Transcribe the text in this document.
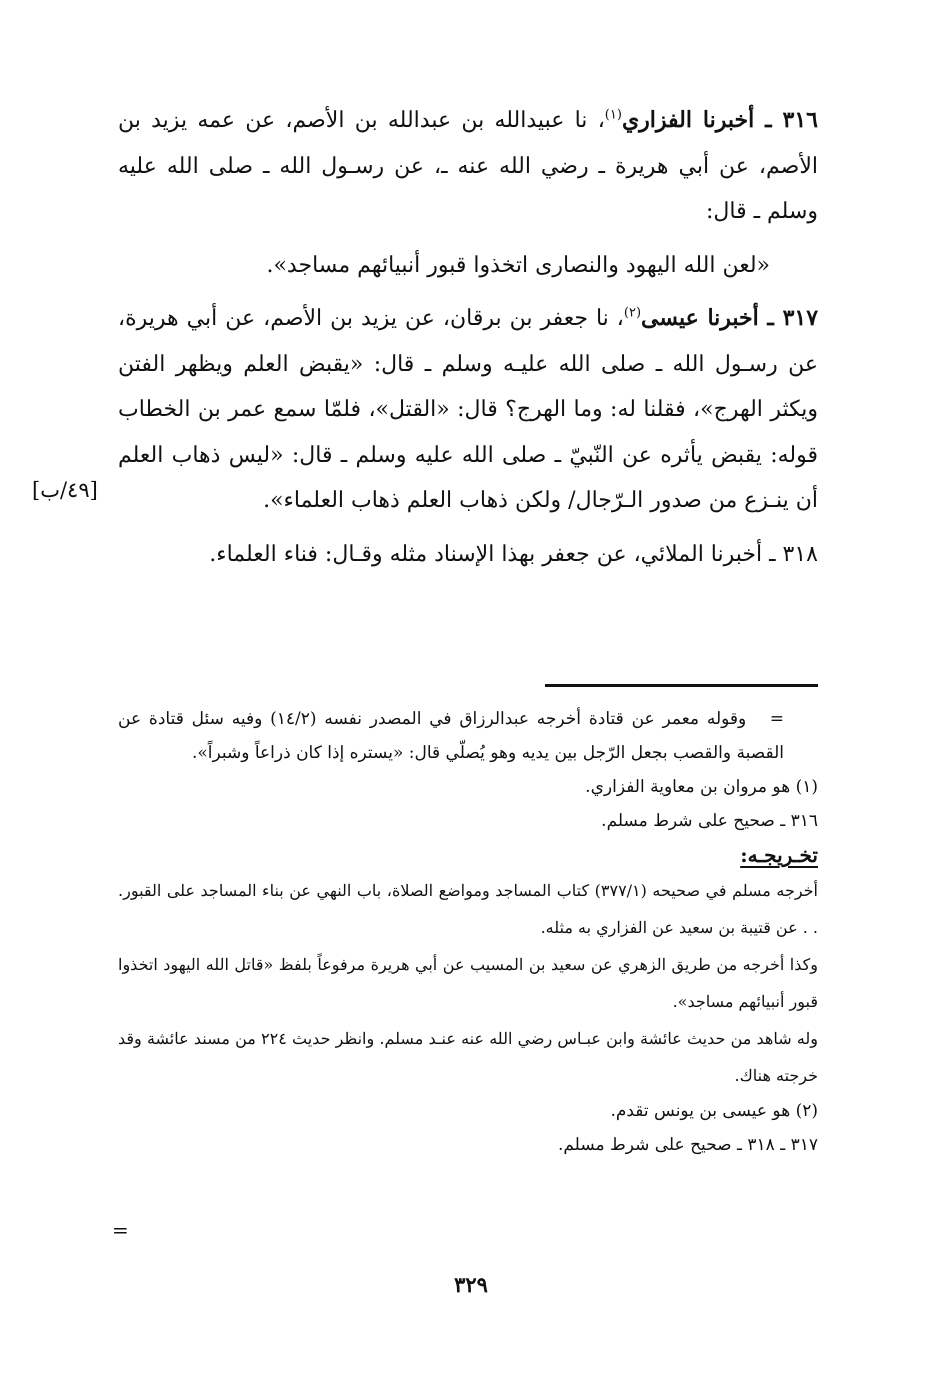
٣١٦ ـ أخبرنا الفزاري$^{(١)}$، نا عبيدالله بن عبدالله بن الأصم، عن عمه يزيد بن الأصم، عن أبي هريرة ـ رضي الله عنه ـ، عن رسـول الله ـ صلى الله عليه وسلم ـ قال:

«لعن الله اليهود والنصارى اتخذوا قبور أنبيائهم مساجد».

٣١٧ ـ أخبرنا عيسى$^{(٢)}$، نا جعفر بن برقان، عن يزيد بن الأصم، عن أبي هريرة، عن رسـول الله ـ صلى الله عليـه وسلم ـ قال: «يقبض العلم ويظهر الفتن ويكثر الهرج»، فقلنا له: وما الهرج؟ قال: «القتل»، فلمّا سمع عمر بن الخطاب قوله: يقبض يأثره عن النّبيّ ـ صلى الله عليه وسلم ـ قال: «ليس ذهاب العلم أن ينـزع من صدور الـرّجال/ ولكن ذهاب العلم ذهاب العلماء».

٣١٨ ـ أخبرنا الملائي، عن جعفر بهذا الإسناد مثله وقـال: فناء العلماء.

[٤٩/ب]

=   وقوله معمر عن قتادة أخرجه عبدالرزاق في المصدر نفسه (١٤/٢) وفيه سئل قتادة عن القصبة والقصب بجعل الرّجل بين يديه وهو يُصلّي قال: «يستره إذا كان ذراعاً وشبراً».

(١) هو مروان بن معاوية الفزاري.

٣١٦ ـ صحيح على شرط مسلم.

تخـريجـه:

أخرجه مسلم في صحيحه (٣٧٧/١) كتاب المساجد ومواضع الصلاة، باب النهي عن بناء المساجد على القبور. . . عن قتيبة بن سعيد عن الفزاري به مثله.

وكذا أخرجه من طريق الزهري عن سعيد بن المسيب عن أبي هريرة مرفوعاً بلفظ «قاتل الله اليهود اتخذوا قبور أنبيائهم مساجد».

وله شاهد من حديث عائشة وابن عبـاس رضي الله عنه عنـد مسلم. وانظر حديث ٢٢٤ من مسند عائشة وقد خرجته هناك.

(٢) هو عيسى بن يونس تقدم.

٣١٧ ـ ٣١٨ ـ صحيح على شرط مسلم.

=
٣٢٩
